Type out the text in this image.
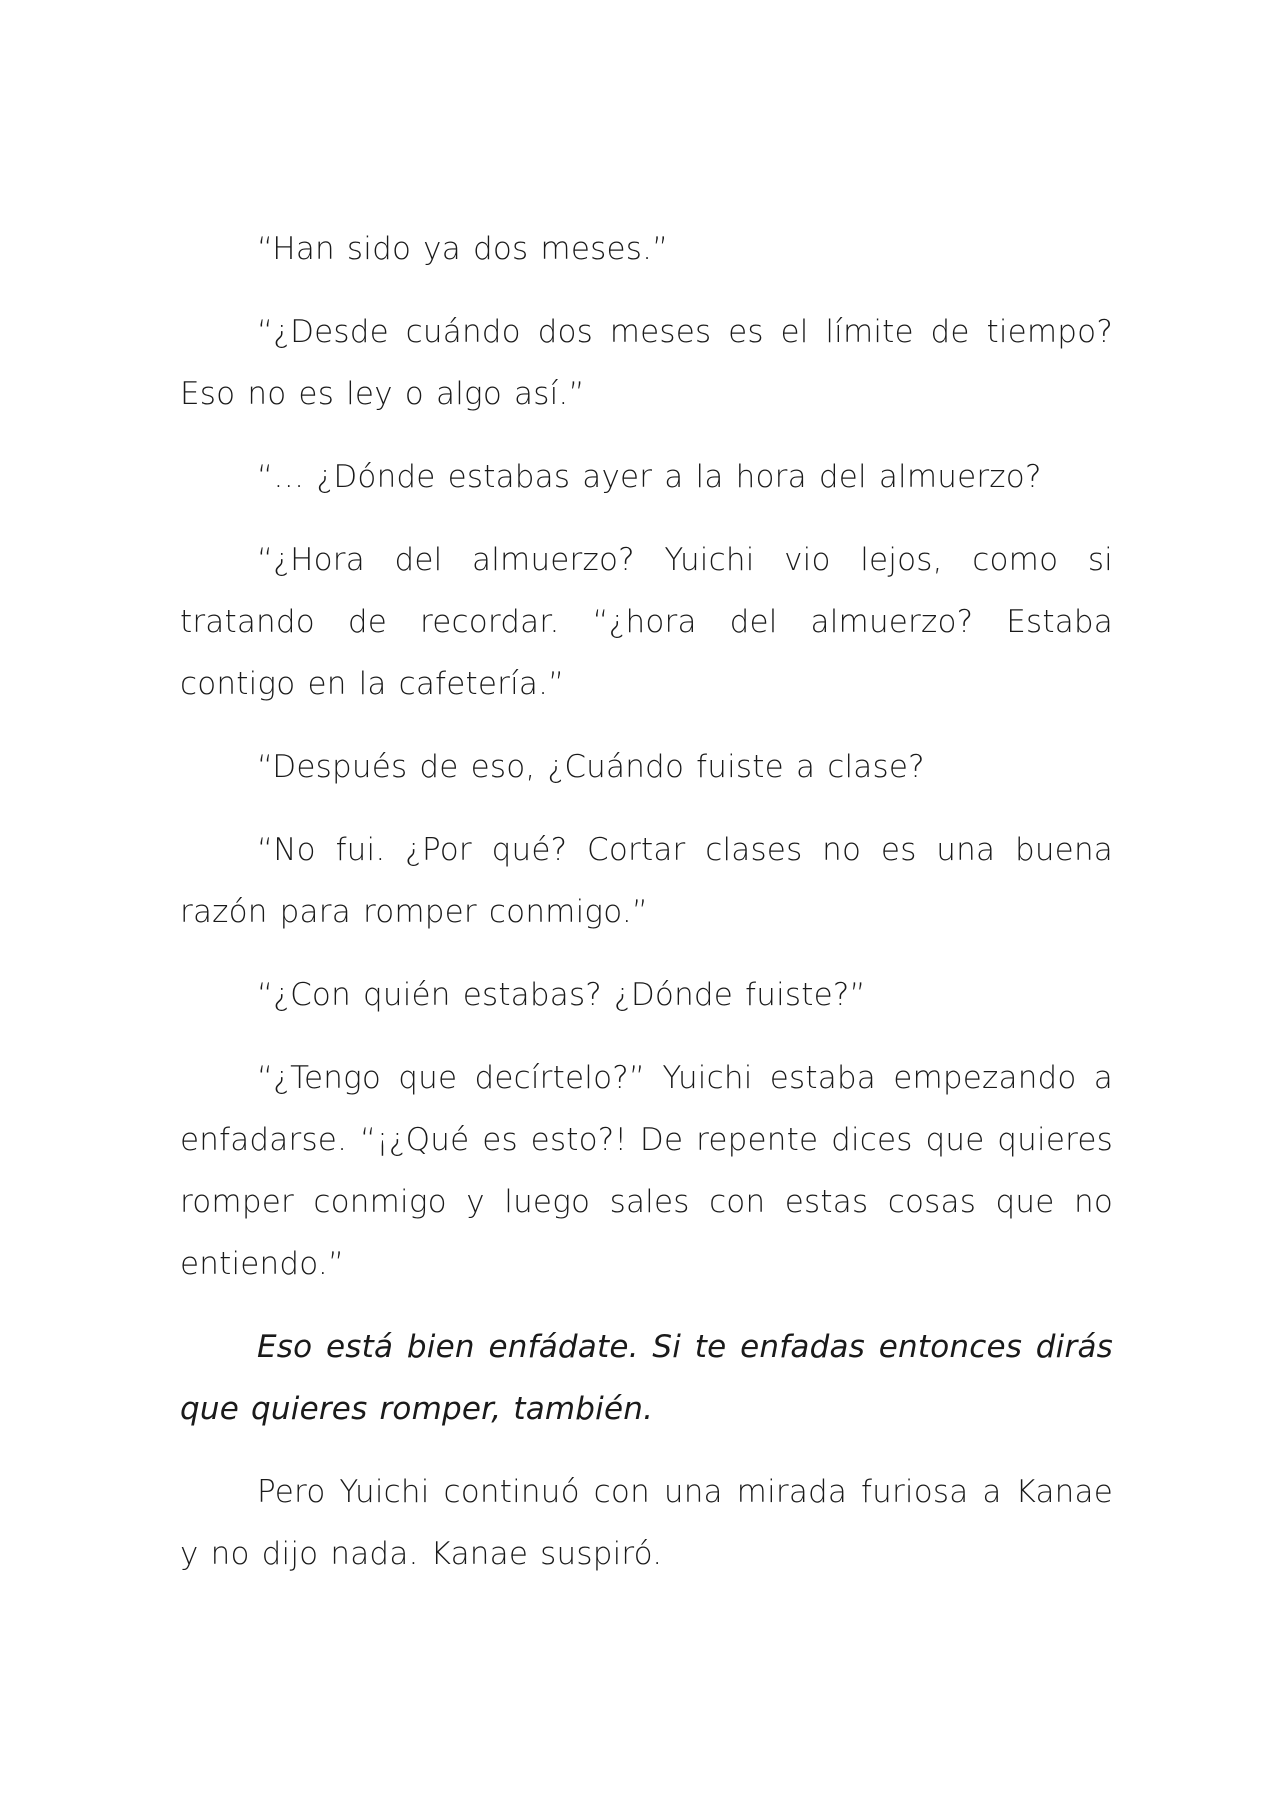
“Han sido ya dos meses.”

“¿Desde cuándo dos meses es el límite de tiempo? Eso no es ley o algo así.”

“… ¿Dónde estabas ayer a la hora del almuerzo?

“¿Hora del almuerzo? Yuichi vio lejos, como si tratando de recordar. “¿hora del almuerzo? Estaba contigo en la cafetería.”

“Después de eso, ¿Cuándo fuiste a clase?

“No fui. ¿Por qué? Cortar clases no es una buena razón para romper conmigo.”

“¿Con quién estabas? ¿Dónde fuiste?”

“¿Tengo que decírtelo?” Yuichi estaba empezando a enfadarse. “¡¿Qué es esto?! De repente dices que quieres romper conmigo y luego sales con estas cosas que no entiendo.”

Eso está bien enfádate. Si te enfadas entonces dirás que quieres romper, también.

Pero Yuichi continuó con una mirada furiosa a Kanae y no dijo nada. Kanae suspiró.
